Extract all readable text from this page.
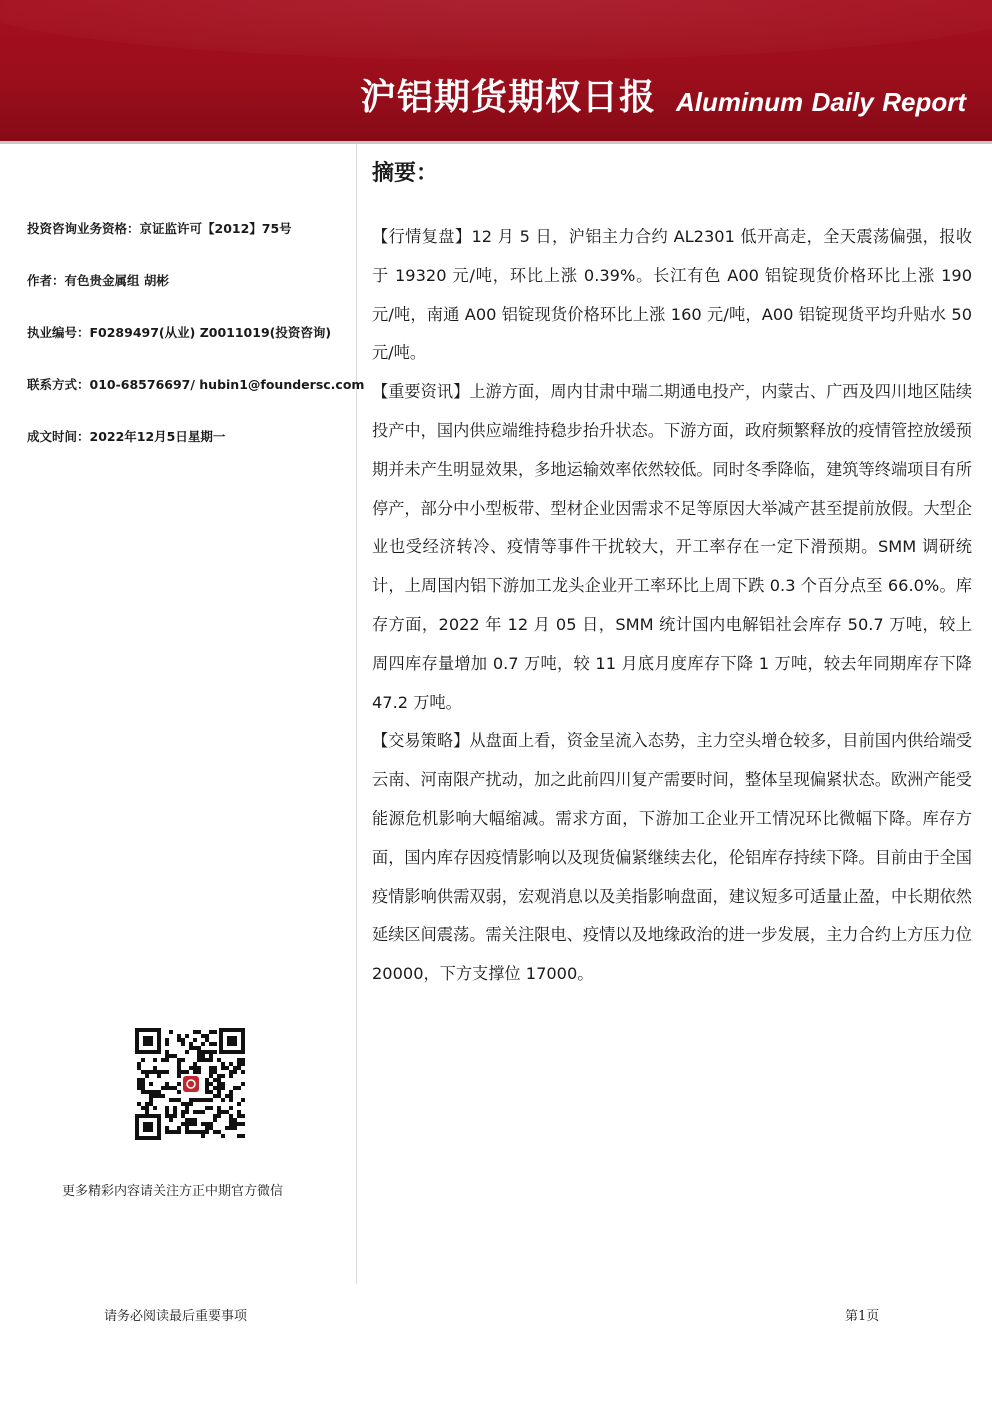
沪铝期货期权日报 Aluminum Daily Report
投资咨询业务资格：京证监许可【2012】75号
作者：有色贵金属组 胡彬
执业编号：F0289497(从业) Z0011019(投资咨询)
联系方式：010-68576697/ hubin1@foundersc.com
成文时间：2022年12月5日星期一
更多精彩内容请关注方正中期官方微信
摘要：

【行情复盘】12 月 5 日，沪铝主力合约 AL2301 低开高走，全天震荡偏强，报收于 19320 元/吨，环比上涨 0.39%。长江有色 A00 铝锭现货价格环比上涨 190 元/吨，南通 A00 铝锭现货价格环比上涨 160 元/吨，A00 铝锭现货平均升贴水 50 元/吨。

【重要资讯】上游方面，周内甘肃中瑞二期通电投产，内蒙古、广西及四川地区陆续投产中，国内供应端维持稳步抬升状态。下游方面，政府频繁释放的疫情管控放缓预期并未产生明显效果，多地运输效率依然较低。同时冬季降临，建筑等终端项目有所停产，部分中小型板带、型材企业因需求不足等原因大举减产甚至提前放假。大型企业也受经济转冷、疫情等事件干扰较大，开工率存在一定下滑预期。SMM 调研统计，上周国内铝下游加工龙头企业开工率环比上周下跌 0.3 个百分点至 66.0%。库存方面，2022 年 12 月 05 日，SMM 统计国内电解铝社会库存 50.7 万吨，较上周四库存量增加 0.7 万吨，较 11 月底月度库存下降 1 万吨，较去年同期库存下降 47.2 万吨。

【交易策略】从盘面上看，资金呈流入态势，主力空头增仓较多，目前国内供给端受云南、河南限产扰动，加之此前四川复产需要时间，整体呈现偏紧状态。欧洲产能受能源危机影响大幅缩减。需求方面，下游加工企业开工情况环比微幅下降。库存方面，国内库存因疫情影响以及现货偏紧继续去化，伦铝库存持续下降。目前由于全国疫情影响供需双弱，宏观消息以及美指影响盘面，建议短多可适量止盈，中长期依然延续区间震荡。需关注限电、疫情以及地缘政治的进一步发展，主力合约上方压力位 20000，下方支撑位 17000。

请务必阅读最后重要事项	第1页
